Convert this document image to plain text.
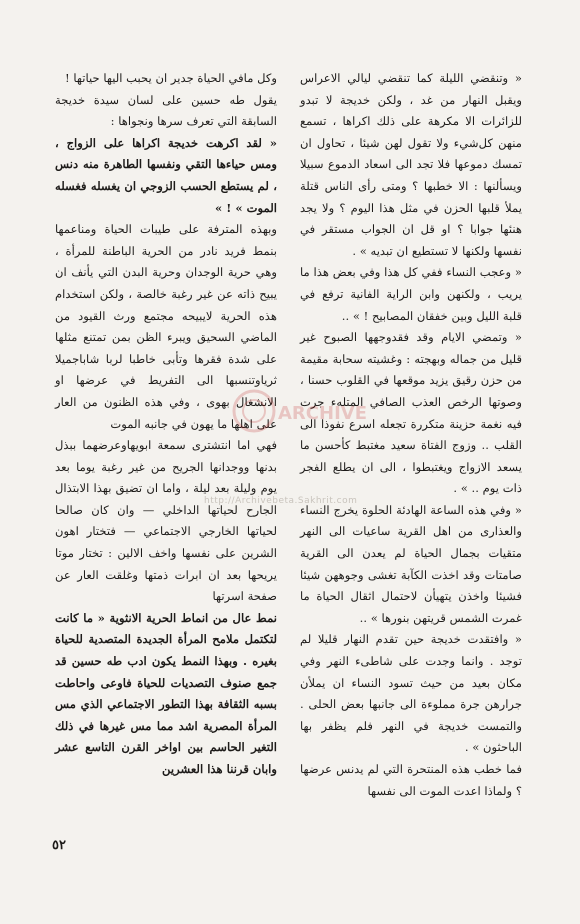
« وتنقضي الليلة كما تنقضي ليالي الاعراس ويقبل النهار من غد ، ولكن خديجة لا تبدو للزائرات الا مكرهة على ذلك اكراها ، تسمع منهن كل‌شيء ولا تقول لهن شيئا ، تحاول ان تمسك دموعها فلا تجد الى اسعاد الدموع سبيلا ويسألنها : الا خطبها ؟ ومتى رأى الناس قتلة يملأ قلبها الحزن في مثل هذا اليوم ؟ ولا يجد هنئها جوابا ؟ او قل ان الجواب مستقر في نفسها ولكنها لا تستطيع ان تبديه » .

« وعجب النساء ففي كل هذا وفي بعض هذا ما يريب ، ولكنهن وابن الراية الفانية ترفع في قلبة الليل وبين خفقان المصابيح ! » ..

« وتمضي الايام وقد فقدوجهها الصبوح غير قليل من جماله وبهجته : وغشيته سحابة مقيمة من حزن رقيق يزيد موقعها في القلوب حسنا ، وصوتها الرخص العذب الصافي المتلهء جرت فيه نغمة حزينة متكررة تجعله اسرع نفوذا الى القلب .. وزوج الفتاة سعيد مغتبط كأحسن ما يسعد الازواج ويغتبطوا ، الى ان يطلع الفجر ذات يوم .. » .

« وفي هذه الساعة الهادئة الحلوة يخرج النساء والعذارى من اهل القرية ساعيات الى النهر متقيات بجمال الحياة لم يعدن الى القرية صامتات وقد اخذت الكآبة تغشى وجوههن شيئا فشيئا واخذن يتهيأن لاحتمال اثقال الحياة ما غمرت الشمس قريتهن بنورها » ..

« وافتقدت خديجة حين تقدم النهار قليلا لم توجد . وانما وجدت على شاطىء النهر وفي مكان بعيد من حيث تسود النساء ان يملأن جرارهن جرة مملوءة الى جانبها بعض الحلى . والتمست خديجة في النهر فلم يظفر بها الباحثون » .

فما خطب هذه المنتحرة التي لم يدنس عرضها ؟ ولماذا اعدت الموت الى نفسها

وكل مافي الحياة جدير ان يحبب اليها حياتها !

يقول طه حسين على لسان سيدة خديجة السابقة التي تعرف سرها ونجواها :

« لقد اكرهت خديجة اكراها على الزواج ، ومس حياءها التقي ونفسها الطاهرة منه دنس ، لم يستطع الحسب الزوجي ان يغسله فغسله الموت » ! »

وبهذه المترفة على طيبات الحياة ومناعمها بنمط فريد نادر من الحرية الباطنة للمرأة ، وهي حرية الوجدان وحرية البدن التي يأنف ان يبيح ذاته عن غير رغبة خالصة ، ولكن استخدام هذه الحرية لايبيحه مجتمع ورث القيود من الماضي السحيق ويبرء الظن بمن تمتنع مثلها على شدة فقرها وتأبى خاطبا لربا شاباجميلا ثرياوتنسبها الى التفريط في عرضها او الانشغال بهوى ، وفي هذه الظنون من العار على اهلها ما يهون في جانبه الموت

فهي اما انتشترى سمعة ابويهاوعرضهما ببذل بدنها ووجدانها الجريح من غير رغبة يوما بعد يوم وليلة بعد ليلة ، واما ان تضيق بهذا الابتذال الجارح لحياتها الداخلي — وان كان صالحا لحياتها الخارجي الاجتماعي — فتختار اهون الشرين على نفسها واخف الالين : تختار موتا يريحها بعد ان ابرات ذمتها وغلقت العار عن صفحة اسرتها

نمط عال من انماط الحرية الانثوية « ما كانت لتكتمل ملامح المرأة الجديدة المتصدية للحياة بغيره . وبهذا النمط يكون ادب طه حسين قد جمع صنوف التصديات للحياة فاوعى واحاطت بسبه الثقافة بهذا التطور الاجتماعي الذي مس المرأة المصرية اشد مما مس غيرها في ذلك التغير الحاسم بين اواخر القرن التاسع عشر وابان قرننا هذا العشرين

ARCHIVE
http://Archivebeta.Sakhrit.com
٥٢
